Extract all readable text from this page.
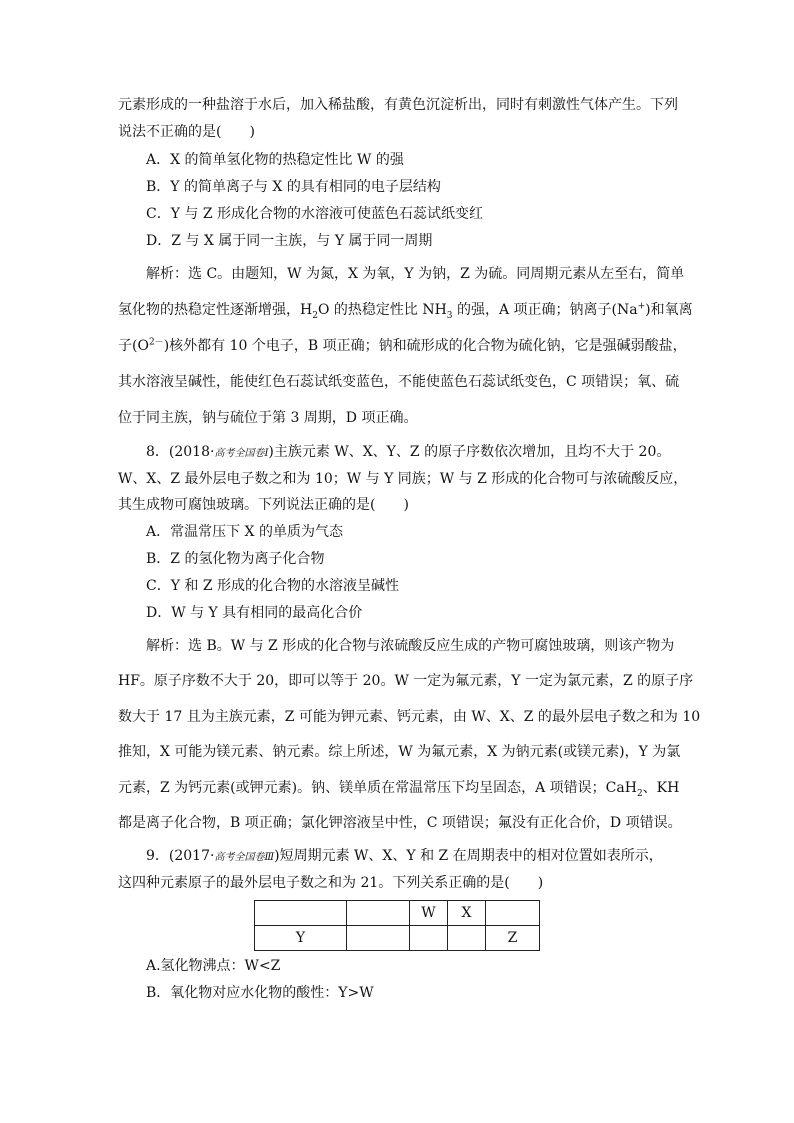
元素形成的一种盐溶于水后，加入稀盐酸，有黄色沉淀析出，同时有刺激性气体产生。下列
说法不正确的是(　　)
A．X 的简单氢化物的热稳定性比 W 的强
B．Y 的简单离子与 X 的具有相同的电子层结构
C．Y 与 Z 形成化合物的水溶液可使蓝色石蕊试纸变红
D．Z 与 X 属于同一主族，与 Y 属于同一周期
解析：选 C。由题知，W 为氮，X 为氧，Y 为钠，Z 为硫。同周期元素从左至右，简单
氢化物的热稳定性逐渐增强，$H_2O$ 的热稳定性比 $NH_3$ 的强，A 项正确；钠离子(Na+)和氧离
子$(O^{2-})$核外都有 10 个电子，B 项正确；钠和硫形成的化合物为硫化钠，它是强碱弱酸盐，
其水溶液呈碱性，能使红色石蕊试纸变蓝色，不能使蓝色石蕊试纸变色，C 项错误；氧、硫
位于同主族，钠与硫位于第 3 周期，D 项正确。
8．(2018·高考全国卷Ⅰ)主族元素 W、X、Y、Z 的原子序数依次增加，且均不大于 20。
W、X、Z 最外层电子数之和为 10；W 与 Y 同族；W 与 Z 形成的化合物可与浓硫酸反应，
其生成物可腐蚀玻璃。下列说法正确的是(　　)
A．常温常压下 X 的单质为气态
B．Z 的氢化物为离子化合物
C．Y 和 Z 形成的化合物的水溶液呈碱性
D．W 与 Y 具有相同的最高化合价
解析：选 B。W 与 Z 形成的化合物与浓硫酸反应生成的产物可腐蚀玻璃，则该产物为
HF。原子序数不大于 20，即可以等于 20。W 一定为氟元素，Y 一定为氯元素，Z 的原子序
数大于 17 且为主族元素，Z 可能为钾元素、钙元素，由 W、X、Z 的最外层电子数之和为 10
推知，X 可能为镁元素、钠元素。综上所述，W 为氟元素，X 为钠元素(或镁元素)，Y 为氯
元素，Z 为钙元素(或钾元素)。钠、镁单质在常温常压下均呈固态，A 项错误；CaH$_2$、KH
都是离子化合物，B 项正确；氯化钾溶液呈中性，C 项错误；氟没有正化合价，D 项错误。
9．(2017·高考全国卷Ⅲ)短周期元素 W、X、Y 和 Z 在周期表中的相对位置如表所示，
这四种元素原子的最外层电子数之和为 21。下列关系正确的是(　　)
		W	X	
Y				Z
A.氢化物沸点：W<Z
B．氧化物对应水化物的酸性：Y>W
